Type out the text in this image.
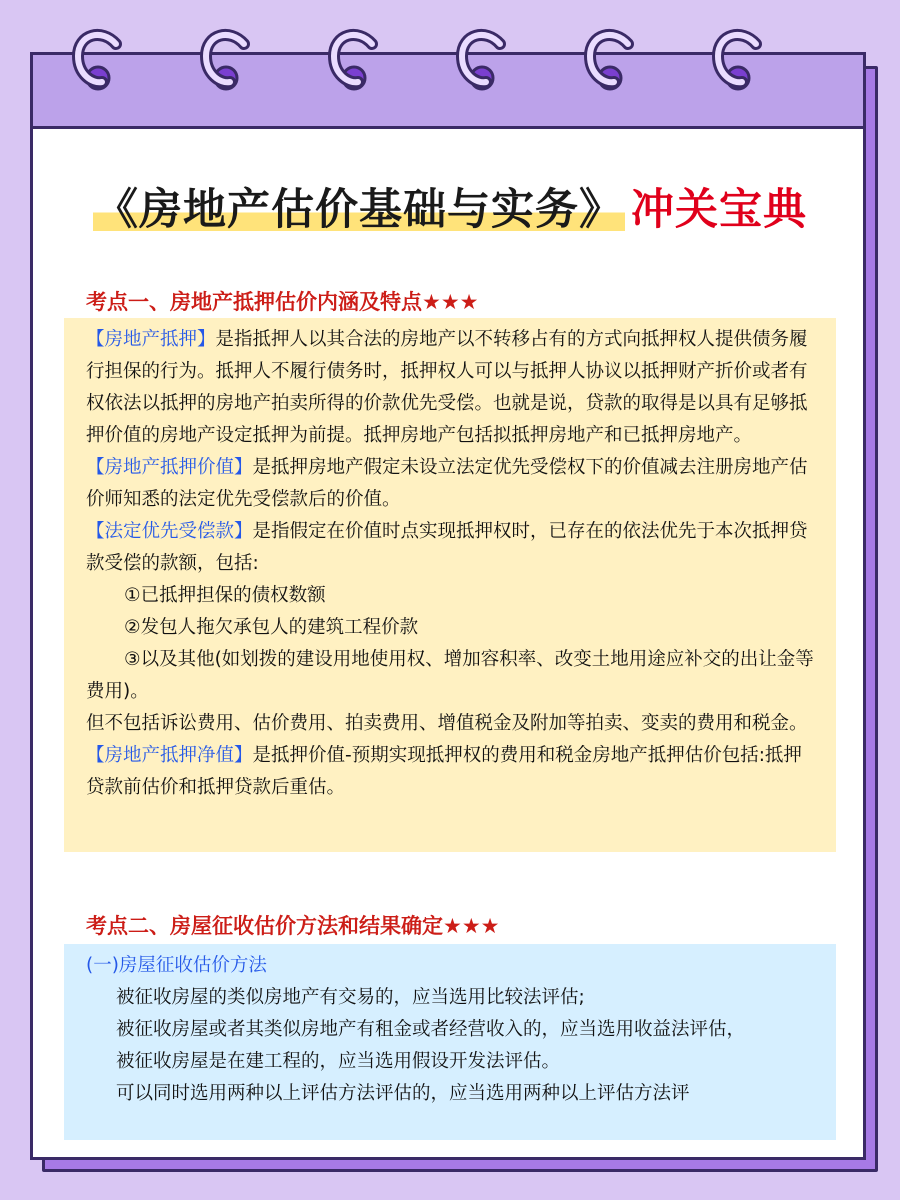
《房地产估价基础与实务》 冲关宝典
考点一、房地产抵押估价内涵及特点★★★
【房地产抵押】是指抵押人以其合法的房地产以不转移占有的方式向抵押权人提供债务履行担保的行为。抵押人不履行债务时，抵押权人可以与抵押人协议以抵押财产折价或者有权依法以抵押的房地产拍卖所得的价款优先受偿。也就是说，贷款的取得是以具有足够抵押价值的房地产设定抵押为前提。抵押房地产包括拟抵押房地产和已抵押房地产。
【房地产抵押价值】是抵押房地产假定未设立法定优先受偿权下的价值减去注册房地产估价师知悉的法定优先受偿款后的价值。
【法定优先受偿款】是指假定在价值时点实现抵押权时，已存在的依法优先于本次抵押贷款受偿的款额，包括:
①已抵押担保的债权数额
②发包人拖欠承包人的建筑工程价款
③以及其他(如划拨的建设用地使用权、增加容积率、改变土地用途应补交的出让金等费用)。
但不包括诉讼费用、估价费用、拍卖费用、增值税金及附加等拍卖、变卖的费用和税金。
【房地产抵押净值】是抵押价值-预期实现抵押权的费用和税金房地产抵押估价包括:抵押贷款前估价和抵押贷款后重估。
考点二、房屋征收估价方法和结果确定★★★
(一)房屋征收估价方法
被征收房屋的类似房地产有交易的，应当选用比较法评估;
被征收房屋或者其类似房地产有租金或者经营收入的，应当选用收益法评估，
被征收房屋是在建工程的，应当选用假设开发法评估。
可以同时选用两种以上评估方法评估的，应当选用两种以上评估方法评
